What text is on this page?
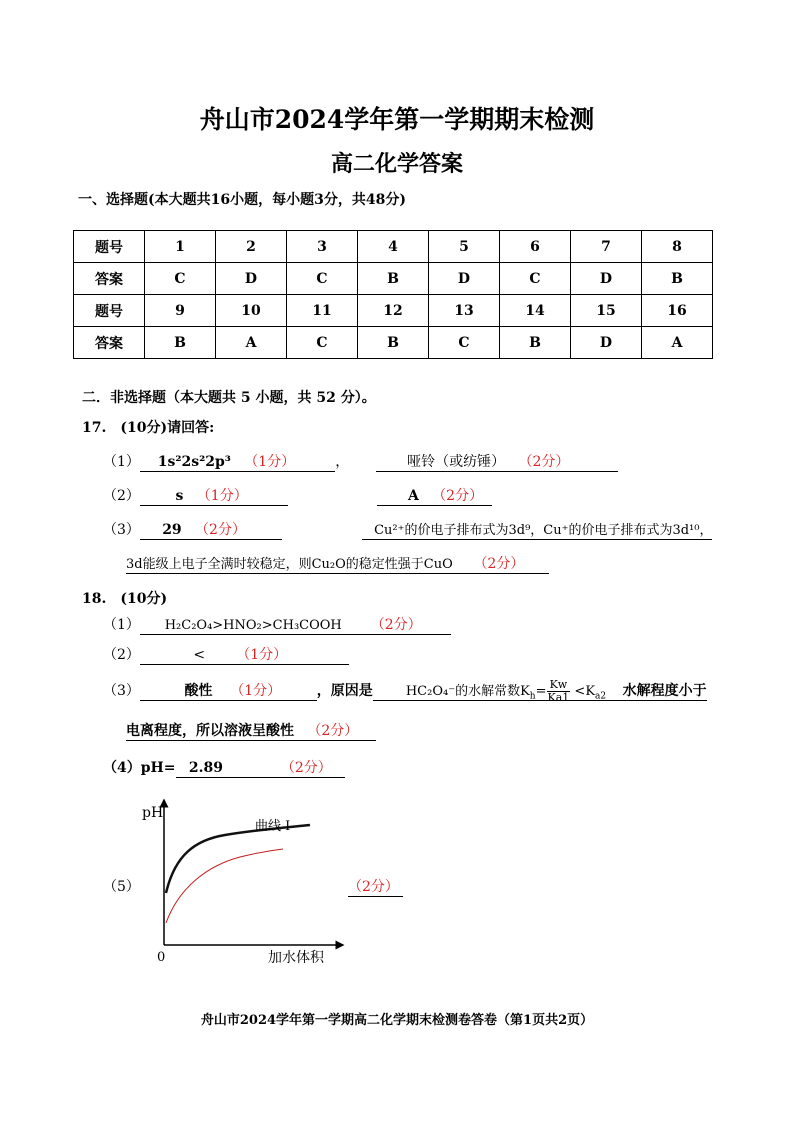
舟山市2024学年第一学期期末检测
高二化学答案
一、选择题(本大题共16小题，每小题3分，共48分)
题号	1	2	3	4	5	6	7	8
答案	C	D	C	B	D	C	D	B
题号	9	10	11	12	13	14	15	16
答案	B	A	C	B	C	B	D	A
二．非选择题（本大题共 5 小题，共 52 分）。
17.　(10分)请回答:
（1） 1s²2s²2p³ （1分）	，	哑铃（或纺锤） （2分）
（2）	s （1分）	A （2分）
（3） 29 （2分）	Cu²⁺的价电子排布式为3d⁹，Cu⁺的价电子排布式为3d¹⁰，
3d能级上电子全满时较稳定，则Cu₂O的稳定性强于CuO （2分）
18.　(10分)
（1） H₂C₂O₄>HNO₂>CH₃COOH （2分）
（2）	< （1分）
（3）	酸性 （1分）	，原因是	HC₂O₄⁻的水解常数$K_h= \frac{Kw}{Ka1} <K_{a2}$ 水解程度小于
电离程度，所以溶液呈酸性 （2分）
（4）pH= 2.89	（2分）
（5）	（2分）
pH
0	加水体积
曲线 I
舟山市2024学年第一学期高二化学期末检测卷答卷（第1页共2页）
